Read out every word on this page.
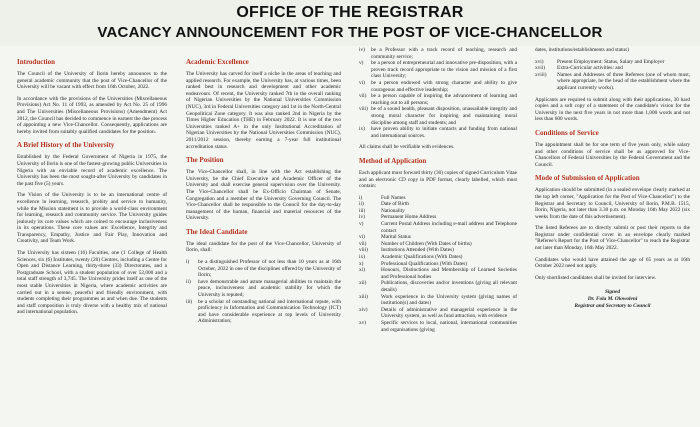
OFFICE OF THE REGISTRAR
VACANCY ANNOUNCEMENT FOR THE POST OF VICE-CHANCELLOR
Introduction

The Council of the University of Ilorin hereby announces to the general academic community that the post of Vice-Chancellor of the University will be vacant with effect from 16th October, 2022.

In accordance with the provisions of the Universities (Miscellaneous Provisions) Act No. 11 of 1993, as amended by Act No. 25 of 1996 and The Universities (Miscellaneous Provisions) (Amendment) Act 2012, the Council has decided to commence in earnest the due process of appointing a new Vice-Chancellor. Consequently, applications are hereby invited from suitably qualified candidates for the position.

A Brief History of the University

Established by the Federal Government of Nigeria in 1975, the University of Ilorin is one of the fastest-growing public Universities in Nigeria with an enviable record of academic excellence. The University has been the most sought-after University by candidates in the past five (5) years.

The Vision of the University is to be an international centre of excellence in learning, research, probity and service to humanity, while the Mission statement is to provide a world-class environment for learning, research and community service. The University guides jealously its core values which are coined to encourage inclusiveness in its operations. These core values are: Excellence, Integrity and Transparency, Empathy, Justice and Fair Play, Innovation and Creativity, and Team Work.

The University has sixteen (16) Faculties, one (1 College of Health Sciences, six (6) Institutes, twenty (20) Centres, including a Centre for Open and Distance Learning, thirty-three (33) Directorates, and a Postgraduate School, with a student population of over 52,000 and a total staff strength of 3,745. The University prides itself as one of the most stable Universities in Nigeria, where academic activities are carried out in a serene, peaceful and friendly environment, with students completing their programmes as and when due. The students and staff composition is truly diverse with a healthy mix of national and international population.

Academic Excellence

The University has carved for itself a niche in the areas of teaching and applied research. For example, the University has, at various times, been ranked best in research and development and other academic endeavours. Of recent, the University ranked 7th in the overall ranking of Nigerian Universities by the National Universities Commission (NUC), 3rd in Federal Universities category and 1st in the North-Central Geopolitical Zone category. It was also ranked 2nd in Nigeria by the Times Higher Education (THE) in February 2022. It is one of the two Universities ranked A+ in the only Institutional Accreditation of Nigerian Universities by the National Universities Commission (NUC), 2011/2012 session, thereby earning a 7-year full institutional accreditation status.

The Position

The Vice-Chancellor shall, in line with the Act establishing the University, be the Chief Executive and Academic Officer of the University and shall exercise general supervision over the University. The Vice-Chancellor shall be Ex-Officio Chairman of Senate, Congregation and a member of the University Governing Council. The Vice-Chancellor shall be responsible to the Council for the day-to-day management of the human, financial and material resources of the University.

The Ideal Candidate

The ideal candidate for the post of the Vice-Chancellor, University of Ilorin, shall:

i)	be a distinguished Professor of not less than 10 years as at 16th October, 2022 in one of the disciplines offered by the University of Ilorin;
ii)	have demonstrable and astute managerial abilities to maintain the peace, inclusiveness and academic stability for which the University is reputed;
iii)	be a scholar of outstanding national and international repute, with proficiency in Information and Communication Technology (ICT) and have considerable experience at top levels of University Administration;
iv)	be a Professor with a track record of teaching, research and community service;
v)	be a person of entrepreneurial and innovative pre-disposition, with a proven track record appropriate to the vision and mission of a first class University;
vi)	be a person endowed with strong character and ability to give courageous and effective leadership;
vii) be a person capable of inspiring the advancement of learning and reaching out to all persons;
viii) be of a sound health, pleasant disposition, unassailable integrity and strong moral character for inspiring and maintaining moral discipline among staff and students; and
ix)	have proven ability to initiate contacts and funding from national and international sources.

All claims shall be verifiable with evidences.

Method of Application

Each applicant must forward thirty (30) copies of signed Curriculum Vitae and an electronic CD copy in PDF format, clearly labelled, which must contain:

i)	Full Names
ii)	Date of Birth
iii)	Nationality
iv)	Permanent Home Address
v)	Current Postal Address including e-mail address and Telephone contact
vi)	Marital Status
vii)	Number of Children (With Dates of births)
viii)	Institutions Attended (With Dates)
ix)	Academic Qualifications (With Dates)
x)	Professional Qualifications (With Dates)
xi)	Honours, Distinctions and Membership of Learned Societies and Professional bodies
xii)	Publications, discoveries and/or inventions (giving all relevant details)
xiii)	Work experience in the University system (giving names of institution(s) and dates)
xiv)	Details of administrative and managerial experience in the University system, as well as fund attraction, with evidence
xv)	Specific services to local, national, international communities and organisations (giving

dates, institutions/establishments and status)

xvi)	Present Employment: Status, Salary and Employer
xvii)	Extra-Curricular activities: and
xviii)	Names and Addresses of three Referees (one of whom must, where appropriate, be the head of the establishment where the applicant currently works).

Applicants are required to submit along with their applications, 30 hard copies and a soft copy of a statement of the candidate's vision for the University in the next five years in not more than 1,000 words and not less than 600 words.

Conditions of Service

The appointment shall be for one term of five years only, while salary and other conditions of service shall be as approved for Vice-Chancellors of Federal Universities by the Federal Government and the Council.

Mode of Submission of Application

Application should be submitted (in a sealed envelope clearly marked at the top left corner, "Application for the Post of Vice-Chancellor") to the Registrar and Secretary to Council, University of Ilorin, P.M.B. 1515, Ilorin, Nigeria, not later than 3.30 p.m. on Monday 16th May 2022 (six weeks from the date of this advertisement).

The listed Referees are to directly submit or post their reports to the Registrar under confidential cover in an envelope clearly marked "Referee's Report for the Post of Vice-Chancellor" to reach the Registrar not later than Monday, 16th May 2022.

Candidates who would have attained the age of 65 years as at 16th October 2022 need not apply.

Only shortlisted candidates shall be invited for interview.

Signed
Dr. Fola M. Olowoleni
Registrar and Secretary to Council
